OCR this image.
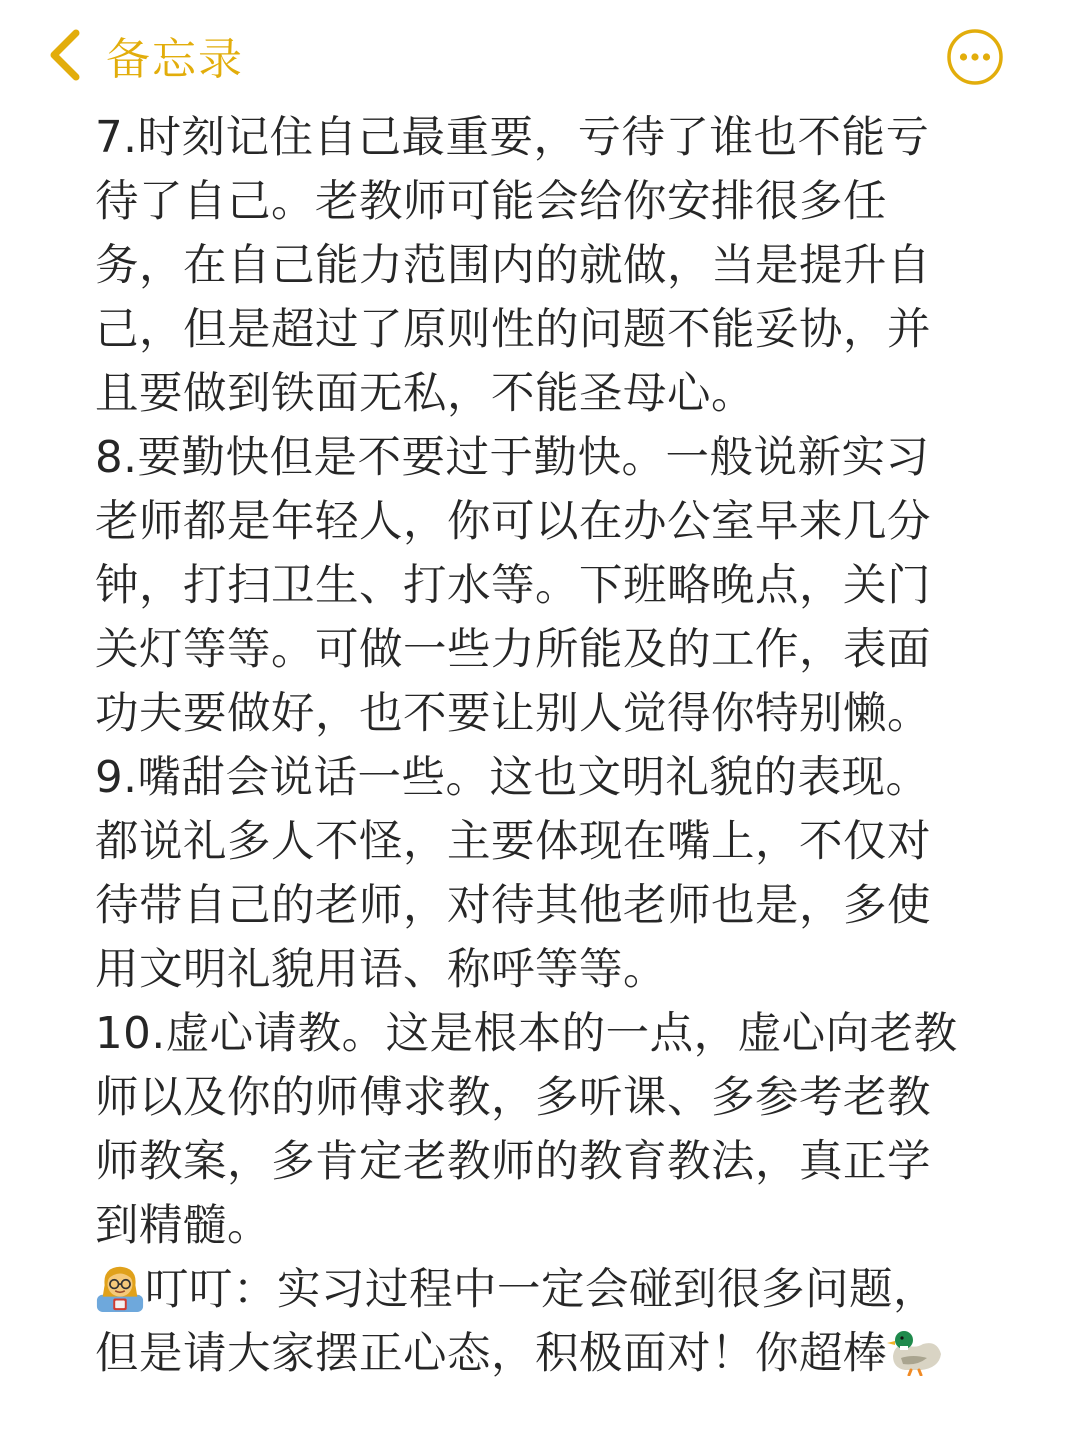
备忘录
7.时刻记住自己最重要，亏待了谁也不能亏
待了自己。老教师可能会给你安排很多任
务，在自己能力范围内的就做，当是提升自
己，但是超过了原则性的问题不能妥协，并
且要做到铁面无私，不能圣母心。
8.要勤快但是不要过于勤快。一般说新实习
老师都是年轻人，你可以在办公室早来几分
钟，打扫卫生、打水等。下班略晚点，关门
关灯等等。可做一些力所能及的工作，表面
功夫要做好，也不要让别人觉得你特别懒。
9.嘴甜会说话一些。这也文明礼貌的表现。
都说礼多人不怪，主要体现在嘴上，不仅对
待带自己的老师，对待其他老师也是，多使
用文明礼貌用语、称呼等等。
10.虚心请教。这是根本的一点，虚心向老教
师以及你的师傅求教，多听课、多参考老教
师教案，多肯定老教师的教育教法，真正学
到精髓。
叮叮：实习过程中一定会碰到很多问题，
但是请大家摆正心态，积极面对！你超棒
